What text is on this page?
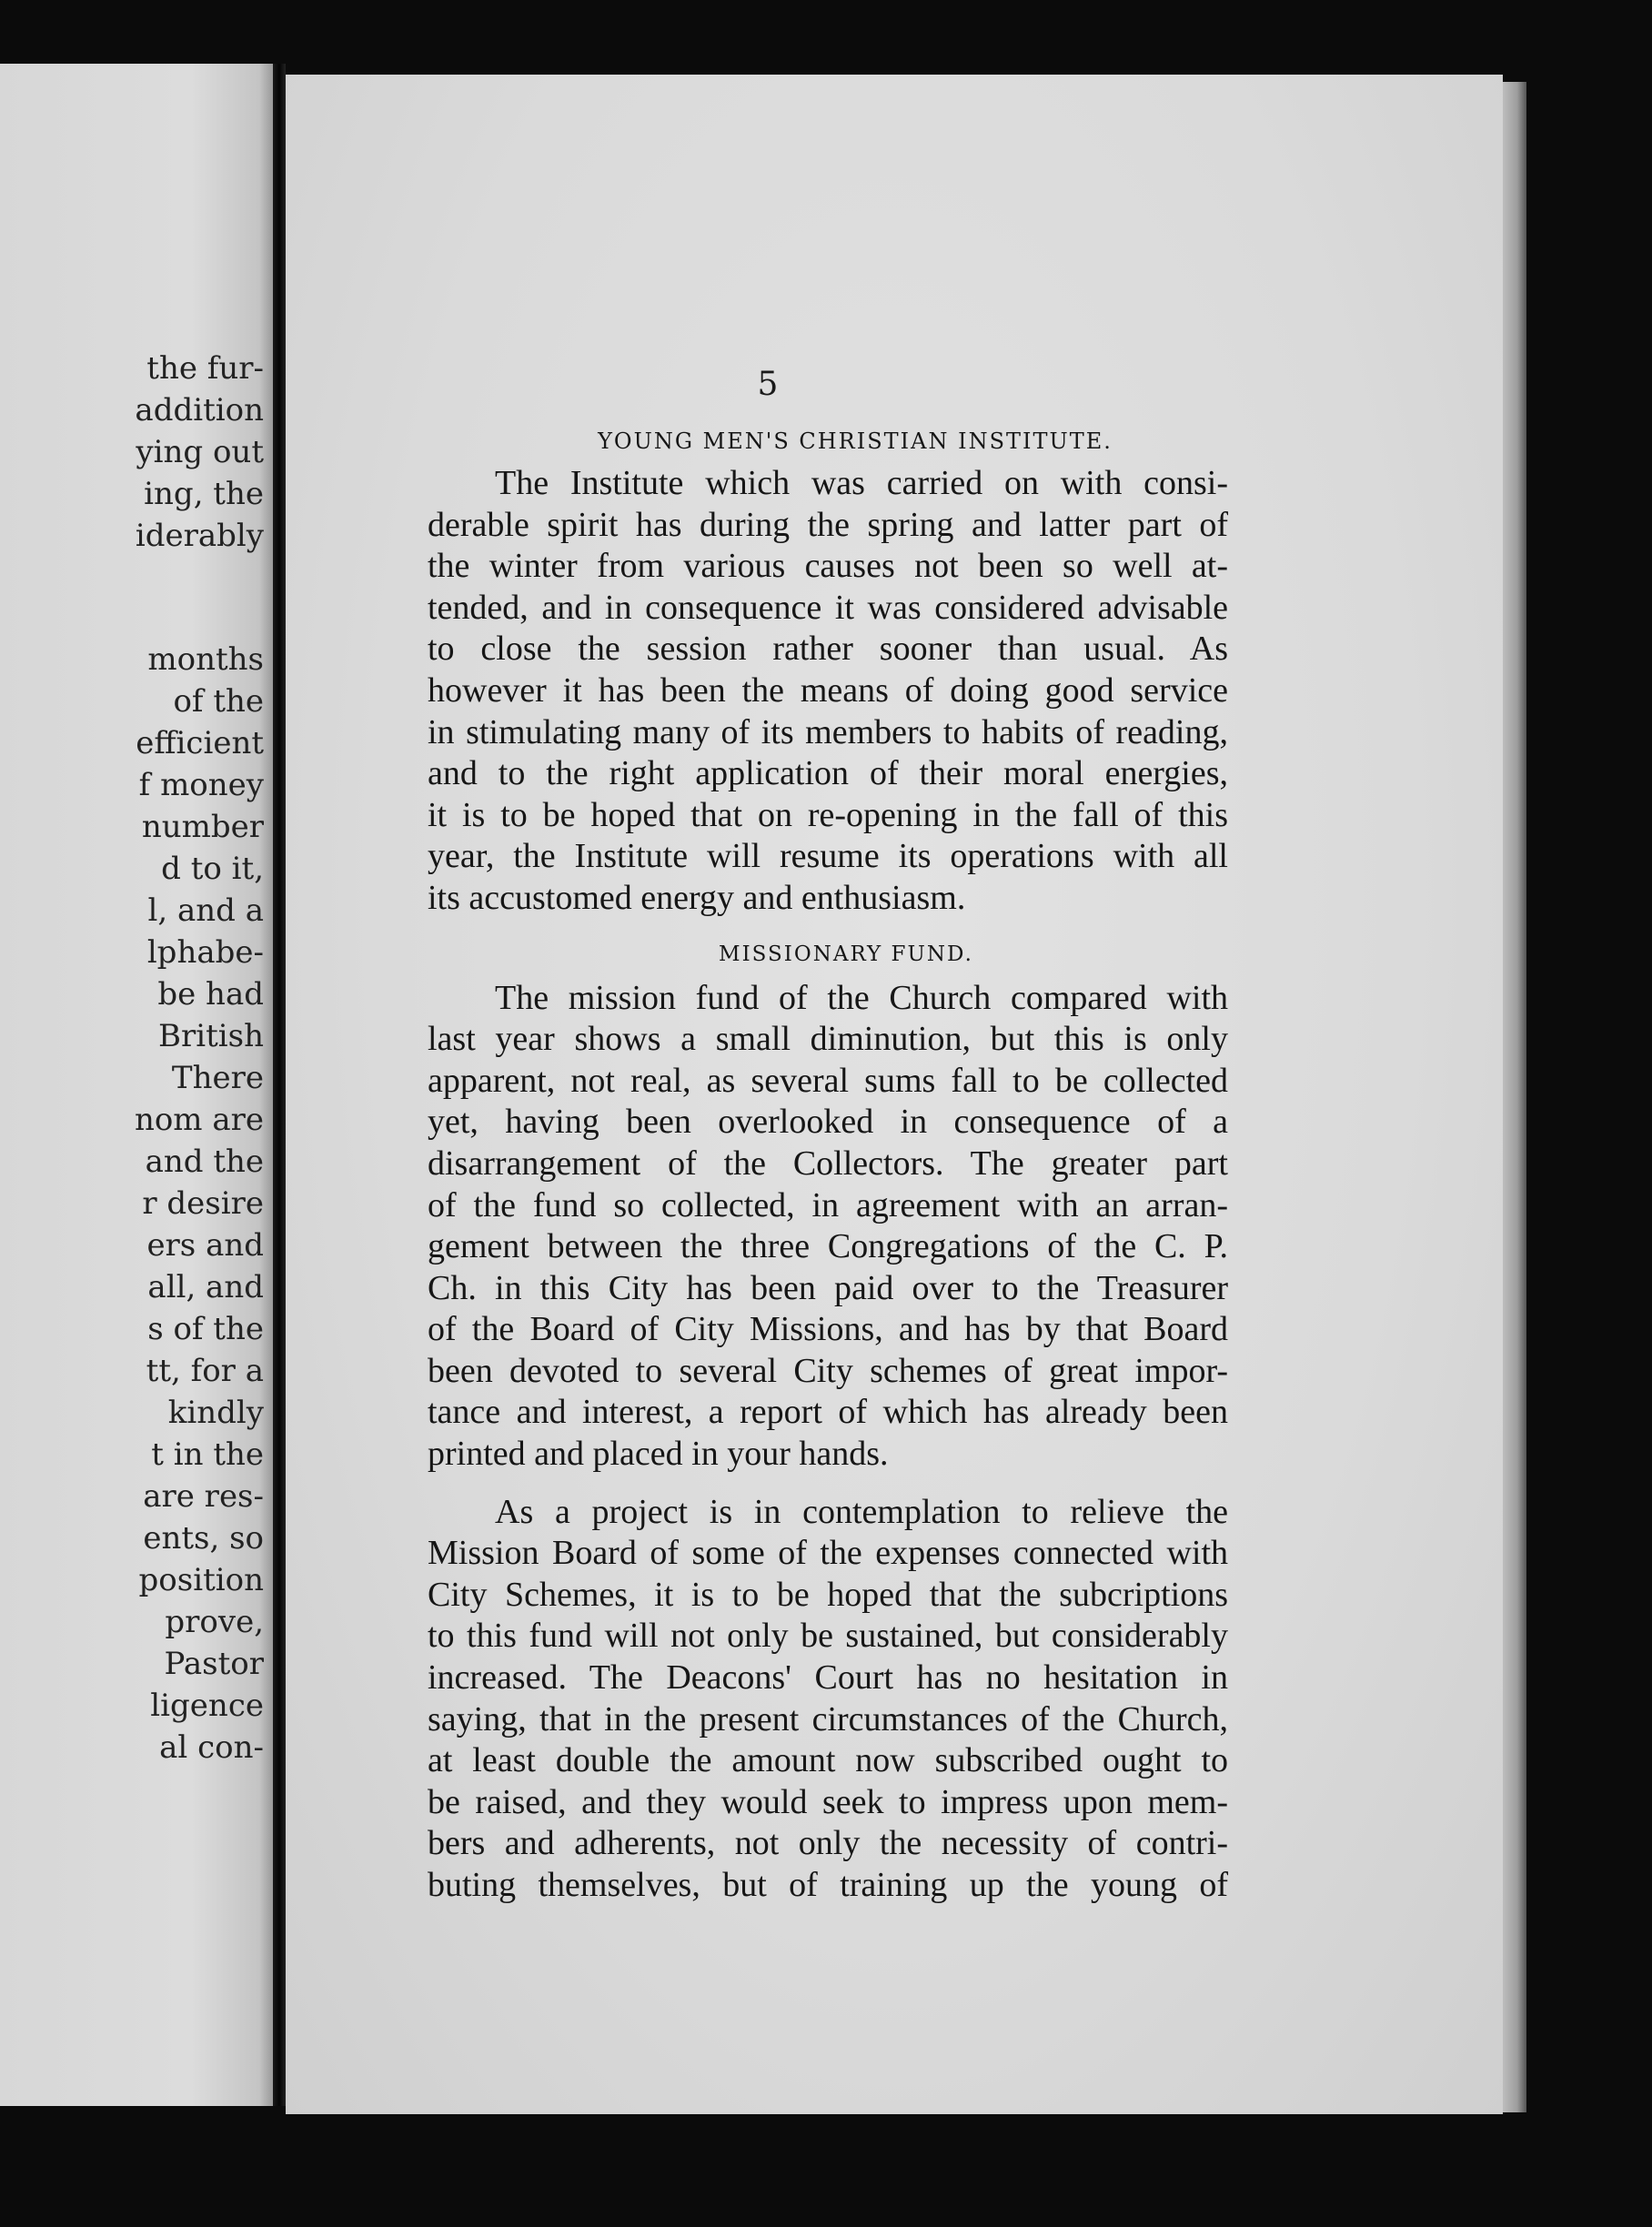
the fur-
addition
ying out
ing, the
iderably
months
of the
efficient
f money
number
d to it,
l, and a
lphabe-
be had
British
There
nom are
and the
r desire
ers and
all, and
s of the
tt, for a
kindly
t in the
are res-
ents, so
position
prove,
Pastor
ligence
al con-
5
YOUNG MEN'S CHRISTIAN INSTITUTE.
The Institute which was carried on with consi-
derable spirit has during the spring and latter part of
the winter from various causes not been so well at-
tended, and in consequence it was considered advisable
to close the session rather sooner than usual. As
however it has been the means of doing good service
in stimulating many of its members to habits of reading,
and to the right application of their moral energies,
it is to be hoped that on re-opening in the fall of this
year, the Institute will resume its operations with all
its accustomed energy and enthusiasm.
MISSIONARY FUND.
The mission fund of the Church compared with
last year shows a small diminution, but this is only
apparent, not real, as several sums fall to be collected
yet, having been overlooked in consequence of a
disarrangement of the Collectors. The greater part
of the fund so collected, in agreement with an arran-
gement between the three Congregations of the C. P.
Ch. in this City has been paid over to the Treasurer
of the Board of City Missions, and has by that Board
been devoted to several City schemes of great impor-
tance and interest, a report of which has already been
printed and placed in your hands.
As a project is in contemplation to relieve the
Mission Board of some of the expenses connected with
City Schemes, it is to be hoped that the subcriptions
to this fund will not only be sustained, but considerably
increased. The Deacons' Court has no hesitation in
saying, that in the present circumstances of the Church,
at least double the amount now subscribed ought to
be raised, and they would seek to impress upon mem-
bers and adherents, not only the necessity of contri-
buting themselves, but of training up the young of
